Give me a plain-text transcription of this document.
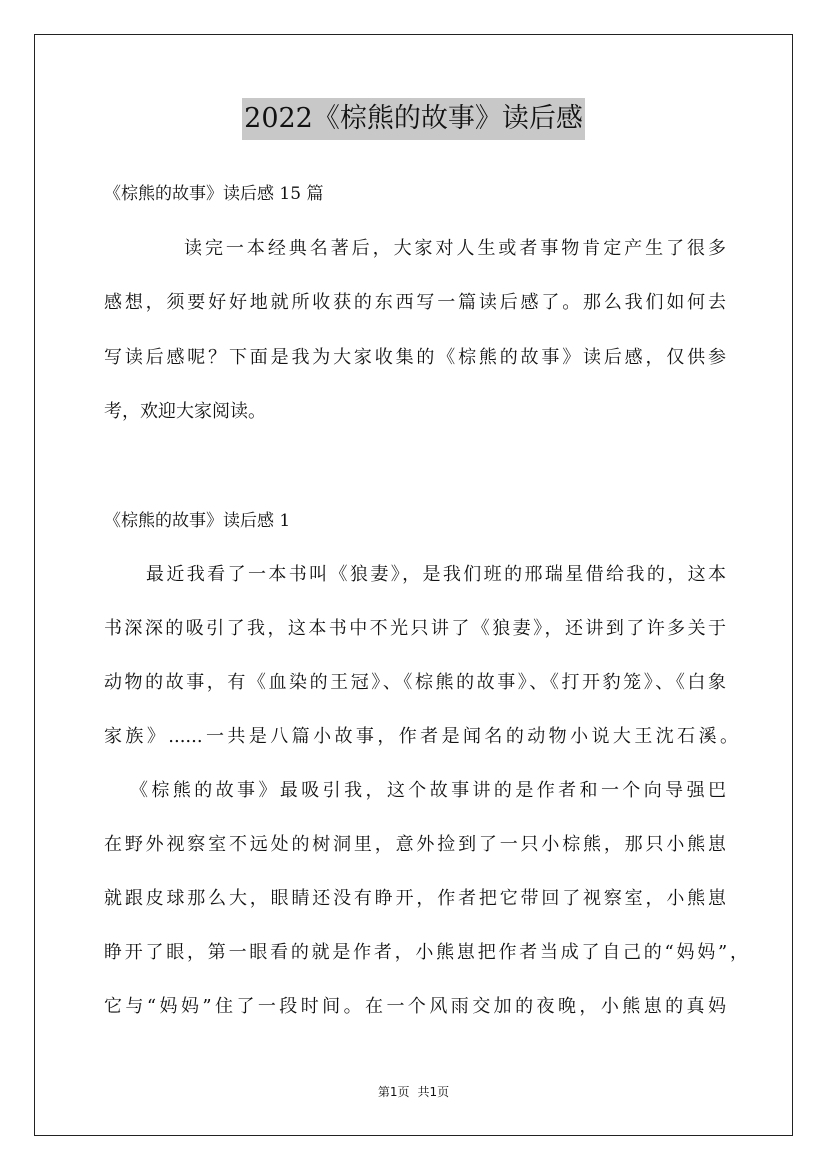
2022《棕熊的故事》读后感
《棕熊的故事》读后感 15 篇
读完一本经典名著后，大家对人生或者事物肯定产生了很多
感想，须要好好地就所收获的东西写一篇读后感了。那么我们如何去
写读后感呢？下面是我为大家收集的《棕熊的故事》读后感，仅供参
考，欢迎大家阅读。
《棕熊的故事》读后感 1
最近我看了一本书叫《狼妻》，是我们班的邢瑞星借给我的，这本
书深深的吸引了我，这本书中不光只讲了《狼妻》，还讲到了许多关于
动物的故事，有《血染的王冠》、《棕熊的故事》、《打开豹笼》、《白象
家族》......一共是八篇小故事，作者是闻名的动物小说大王沈石溪。
《棕熊的故事》最吸引我，这个故事讲的是作者和一个向导强巴
在野外视察室不远处的树洞里，意外捡到了一只小棕熊，那只小熊崽
就跟皮球那么大，眼睛还没有睁开，作者把它带回了视察室，小熊崽
睁开了眼，第一眼看的就是作者，小熊崽把作者当成了自己的“妈妈”，
它与“妈妈”住了一段时间。在一个风雨交加的夜晚，小熊崽的真妈
第1页 共1页
